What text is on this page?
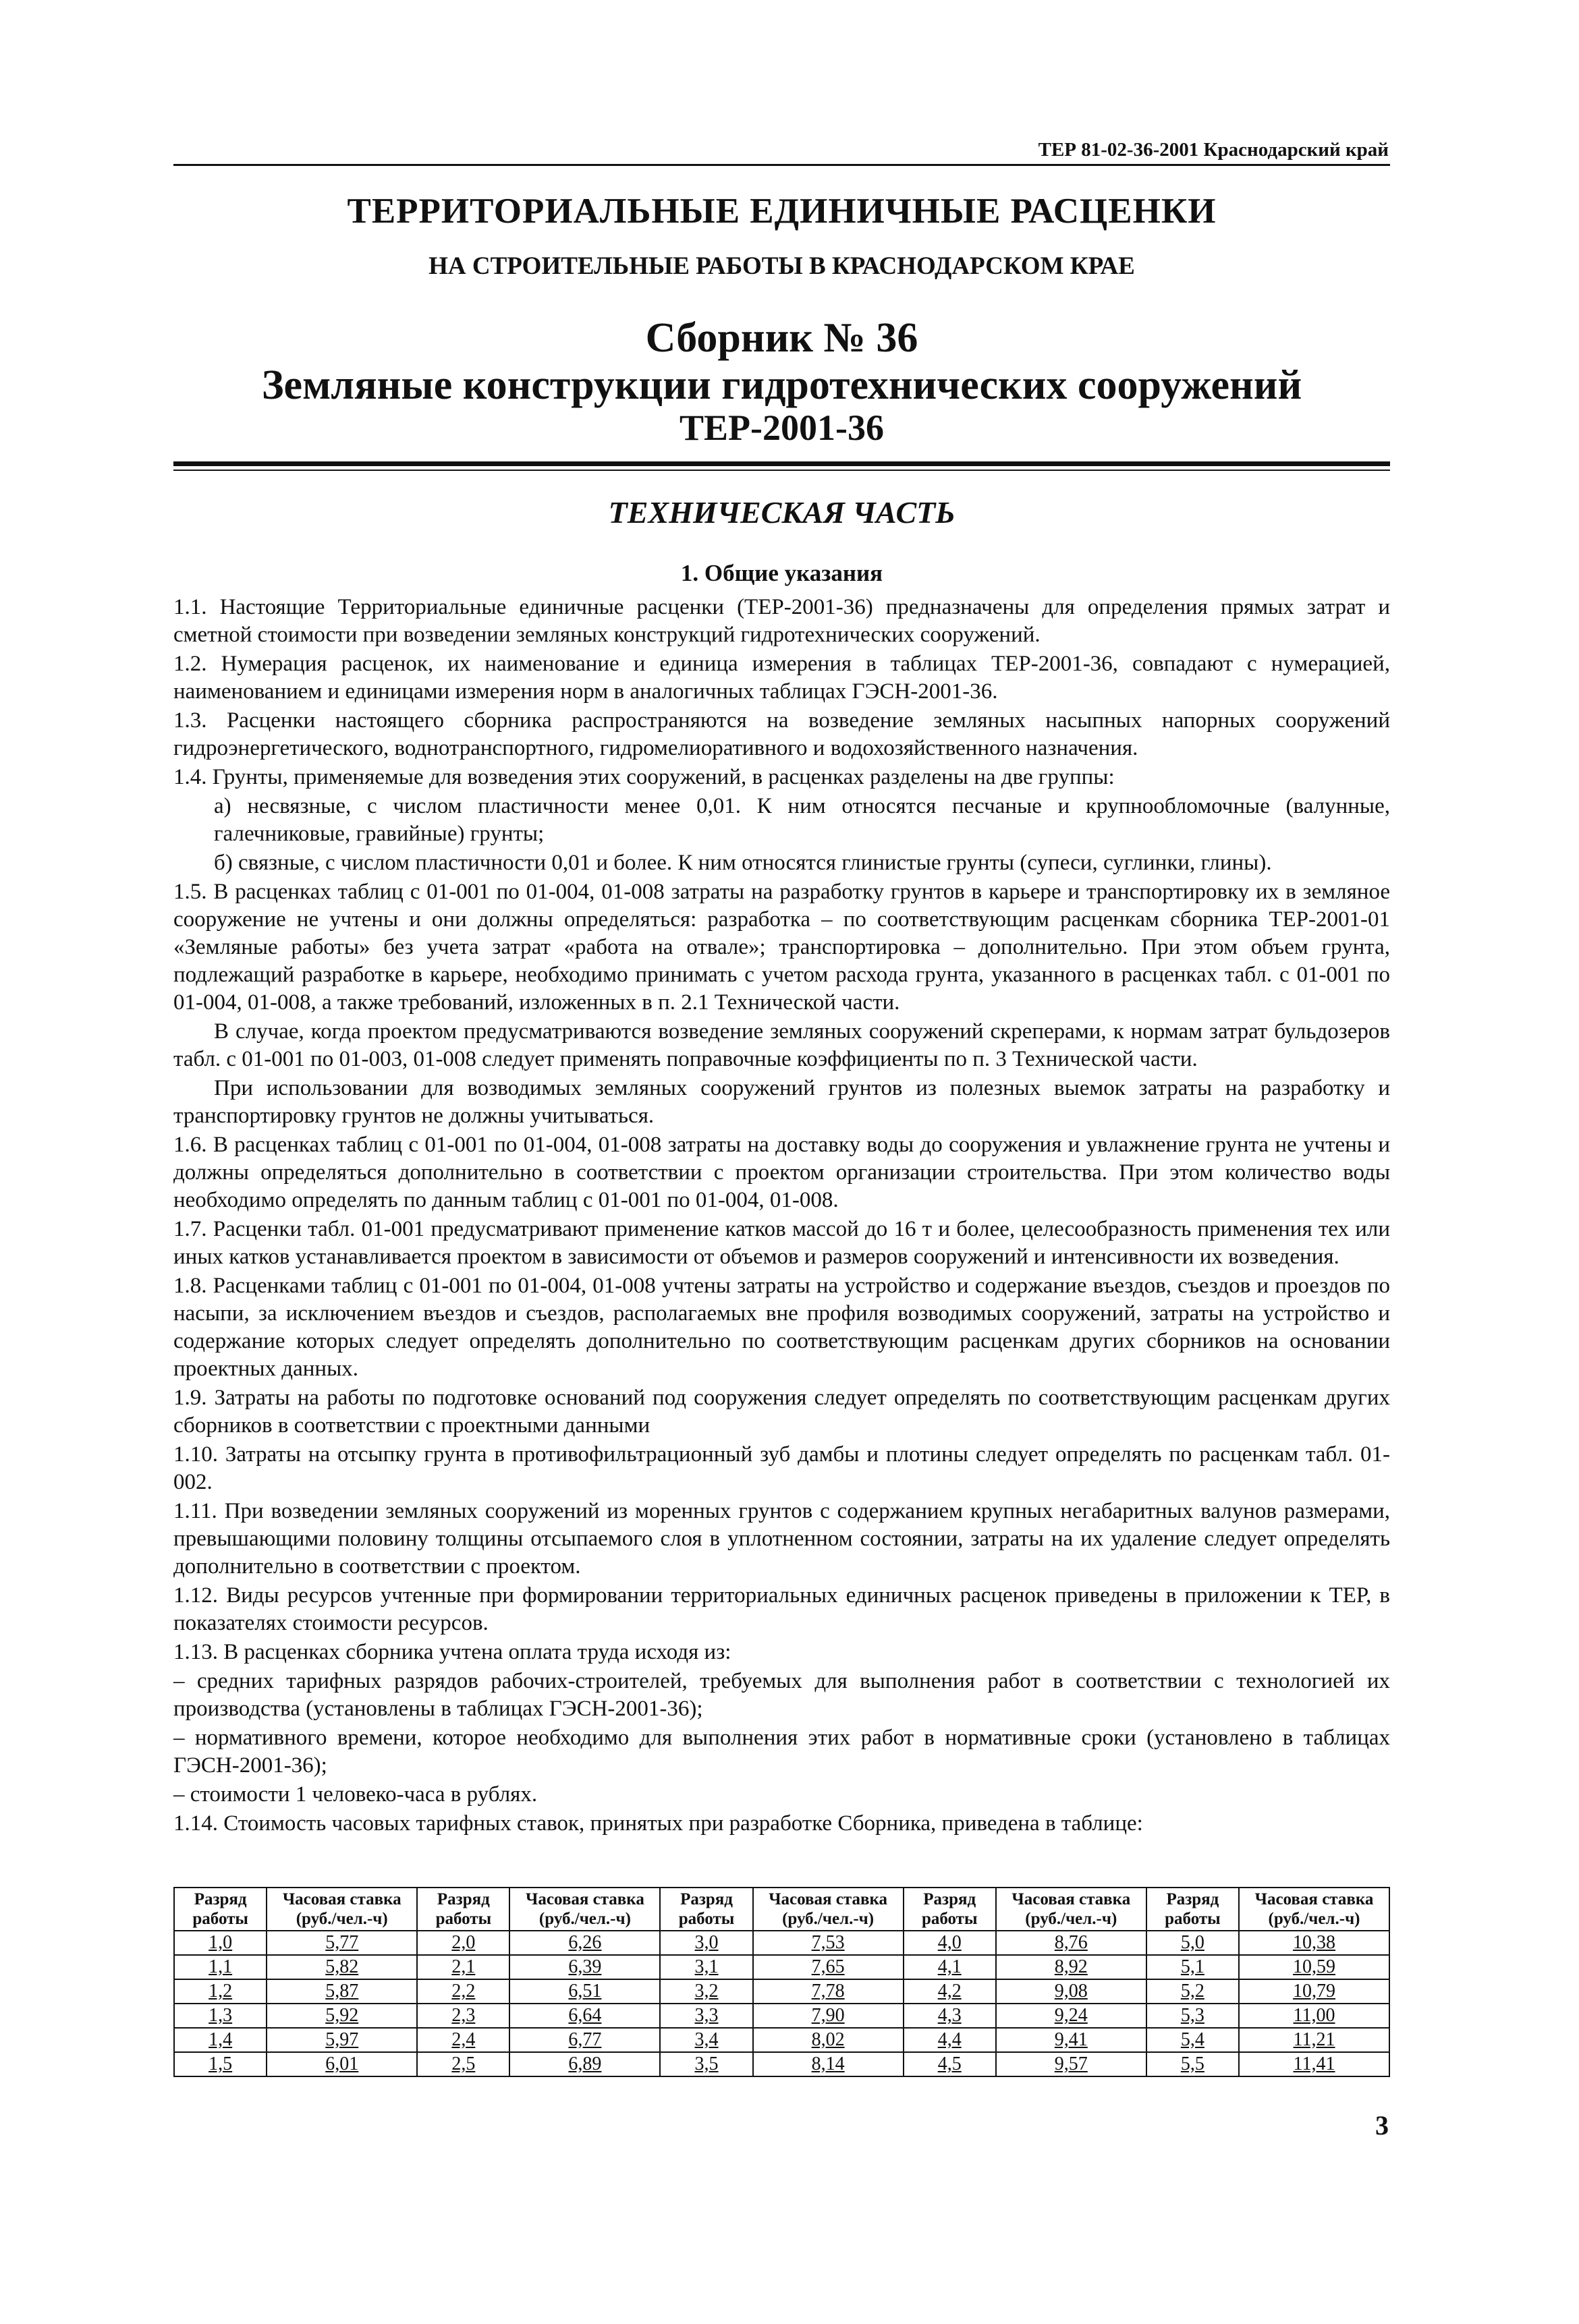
ТЕР 81-02-36-2001 Краснодарский край
ТЕРРИТОРИАЛЬНЫЕ ЕДИНИЧНЫЕ РАСЦЕНКИ
НА СТРОИТЕЛЬНЫЕ РАБОТЫ В КРАСНОДАРСКОМ КРАЕ
Сборник № 36
Земляные конструкции гидротехнических сооружений
ТЕР-2001-36
ТЕХНИЧЕСКАЯ ЧАСТЬ
1. Общие указания

1.1. Настоящие Территориальные единичные расценки (ТЕР-2001-36) предназначены для определения прямых затрат и сметной стоимости при возведении земляных конструкций гидротехнических сооружений.

1.2. Нумерация расценок, их наименование и единица измерения в таблицах ТЕР-2001-36, совпадают с нумерацией, наименованием и единицами измерения норм в аналогичных таблицах ГЭСН-2001-36.

1.3. Расценки настоящего сборника распространяются на возведение земляных насыпных напорных сооружений гидроэнергетического, воднотранспортного, гидромелиоративного и водохозяйственного назначения.

1.4. Грунты, применяемые для возведения этих сооружений, в расценках разделены на две группы:

а) несвязные, с числом пластичности менее 0,01. К ним относятся песчаные и крупнообломочные (валунные, галечниковые, гравийные) грунты;

б) связные, с числом пластичности 0,01 и более. К ним относятся глинистые грунты (супеси, суглинки, глины).

1.5. В расценках таблиц с 01-001 по 01-004, 01-008 затраты на разработку грунтов в карьере и транспортировку их в земляное сооружение не учтены и они должны определяться: разработка – по соответствующим расценкам сборника ТЕР-2001-01 «Земляные работы» без учета затрат «работа на отвале»; транспортировка – дополнительно. При этом объем грунта, подлежащий разработке в карьере, необходимо принимать с учетом расхода грунта, указанного в расценках табл. с 01-001 по 01-004, 01-008, а также требований, изложенных в п. 2.1 Технической части.

В случае, когда проектом предусматриваются возведение земляных сооружений скреперами, к нормам затрат бульдозеров табл. с 01-001 по 01-003, 01-008 следует применять поправочные коэффициенты по п. 3 Технической части.

При использовании для возводимых земляных сооружений грунтов из полезных выемок затраты на разработку и транспортировку грунтов не должны учитываться.

1.6. В расценках таблиц с 01-001 по 01-004, 01-008 затраты на доставку воды до сооружения и увлажнение грунта не учтены и должны определяться дополнительно в соответствии с проектом организации строительства. При этом количество воды необходимо определять по данным таблиц с 01-001 по 01-004, 01-008.

1.7. Расценки табл. 01-001 предусматривают применение катков массой до 16 т и более, целесообразность применения тех или иных катков устанавливается проектом в зависимости от объемов и размеров сооружений и интенсивности их возведения.

1.8. Расценками таблиц с 01-001 по 01-004, 01-008 учтены затраты на устройство и содержание въездов, съездов и проездов по насыпи, за исключением въездов и съездов, располагаемых вне профиля возводимых сооружений, затраты на устройство и содержание которых следует определять дополнительно по соответствующим расценкам других сборников на основании проектных данных.

1.9. Затраты на работы по подготовке оснований под сооружения следует определять по соответствующим расценкам других сборников в соответствии с проектными данными

1.10. Затраты на отсыпку грунта в противофильтрационный зуб дамбы и плотины следует определять по расценкам табл. 01-002.

1.11. При возведении земляных сооружений из моренных грунтов с содержанием крупных негабаритных валунов размерами, превышающими половину толщины отсыпаемого слоя в уплотненном состоянии, затраты на их удаление следует определять дополнительно в соответствии с проектом.

1.12. Виды ресурсов учтенные при формировании территориальных единичных расценок приведены в приложении к ТЕР, в показателях стоимости ресурсов.

1.13. В расценках сборника учтена оплата труда исходя из:

– средних тарифных разрядов рабочих-строителей, требуемых для выполнения работ в соответствии с технологией их производства (установлены в таблицах ГЭСН-2001-36);

– нормативного времени, которое необходимо для выполнения этих работ в нормативные сроки (установлено в таблицах ГЭСН-2001-36);

– стоимости 1 человеко-часа в рублях.

1.14. Стоимость часовых тарифных ставок, принятых при разработке Сборника, приведена в таблице:

Разряд работы	Часовая ставка (руб./чел.-ч)	Разряд работы	Часовая ставка (руб./чел.-ч)	Разряд работы	Часовая ставка (руб./чел.-ч)	Разряд работы	Часовая ставка (руб./чел.-ч)	Разряд работы	Часовая ставка (руб./чел.-ч)
1,0	5,77	2,0	6,26	3,0	7,53	4,0	8,76	5,0	10,38
1,1	5,82	2,1	6,39	3,1	7,65	4,1	8,92	5,1	10,59
1,2	5,87	2,2	6,51	3,2	7,78	4,2	9,08	5,2	10,79
1,3	5,92	2,3	6,64	3,3	7,90	4,3	9,24	5,3	11,00
1,4	5,97	2,4	6,77	3,4	8,02	4,4	9,41	5,4	11,21
1,5	6,01	2,5	6,89	3,5	8,14	4,5	9,57	5,5	11,41
3
